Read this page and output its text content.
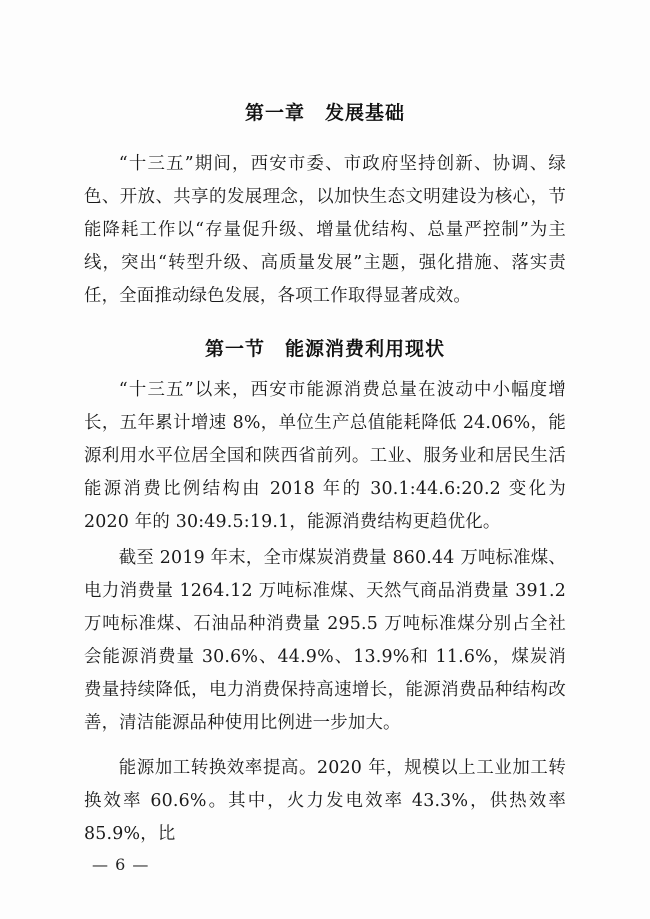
第一章　发展基础

“十三五”期间，西安市委、市政府坚持创新、协调、绿色、开放、共享的发展理念，以加快生态文明建设为核心，节能降耗工作以“存量促升级、增量优结构、总量严控制”为主线，突出“转型升级、高质量发展”主题，强化措施、落实责任，全面推动绿色发展，各项工作取得显著成效。

第一节　能源消费利用现状

“十三五”以来，西安市能源消费总量在波动中小幅度增长，五年累计增速 8%，单位生产总值能耗降低 24.06%，能源利用水平位居全国和陕西省前列。工业、服务业和居民生活能源消费比例结构由 2018 年的 30.1:44.6:20.2 变化为 2020 年的 30:49.5:19.1，能源消费结构更趋优化。

截至 2019 年末，全市煤炭消费量 860.44 万吨标准煤、电力消费量 1264.12 万吨标准煤、天然气商品消费量 391.2 万吨标准煤、石油品种消费量 295.5 万吨标准煤分别占全社会能源消费量 30.6%、44.9%、13.9%和 11.6%，煤炭消费量持续降低，电力消费保持高速增长，能源消费品种结构改善，清洁能源品种使用比例进一步加大。

能源加工转换效率提高。2020 年，规模以上工业加工转换效率 60.6%。其中，火力发电效率 43.3%，供热效率 85.9%，比

— 6 —
